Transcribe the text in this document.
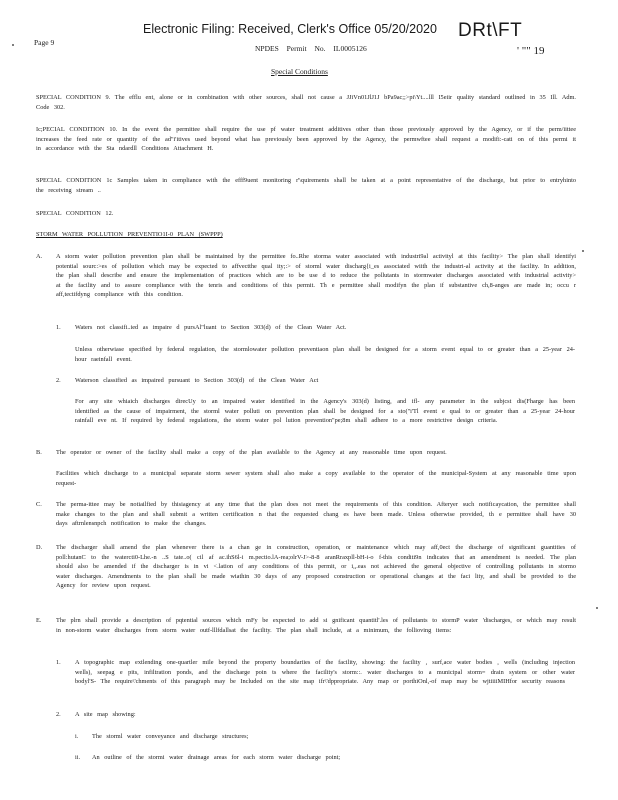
Electronic Filing: Received, Clerk's Office 05/20/2020 DRt\FT
Page 9
NPDES Permit No. IL0005126	' "" 19
Special Conditions

SPECIAL CONDITION 9. The efflu ent, alone or in combination with other sources, shall not cause a JJiVn01JlJ1J bPa9ac;;>pi\Yt....lll I5eiir quality standard outlined in 35 Ill. Adm. Code 302.

Ic;PECIAL CONDITION 10. In the event the permittee shall require the use pf water treatment additives other than those previously approved by the Agency, or if the perm/iittee increases the feed rate or quantity of the ad"i'itives used beyond what has previously been approved by the Agency, the permwftee shall request a modifi:-cati on of this permi it in accordance with the Sta ndardll Conditions Attachment H.

SPECIAL CONDITION 1c Samples taken in compliance with the efff9uent monitoring r'\quirements shall be taken at a point representative of the discharge, but prior to entryhinto the receiving stream ..

SPECIAL CONDITION 12.

STORM WATER POLLUTION PREVENTIO1I-0 PLAN (SWPPP)

A. A storm water pollution prevention plan shall be maintained by the permittee fo..Rhe storma water associated with industri9al activityl at this facility> The plan shall identifyi potential sourc:>es of pollution which may be expected to affvectthe qual ity;:> of storml water discharg{i_es associated wiith the industri-al activity at the facility. In addition, the plan shall describe and ensure the implementation of practices which are to be use d to reduce the pollutants in stormwater discharges associated with industrial activity> at the facility and to assure compliance with the tenris and conditions of this permit. Th e permittee shall modifyn the plan if substantive ch,8-anges are made in; occu r aff,tectifdyng compliance with this condition.

1. Waters not classifi..ied as impaire d pursAl"luant to Section 303(d) of the Clean Water Act.

Unless otherwiase specified by federal regulation, the stormlowater pollution preventiaon plan shall be designed for a storm event equal to or greater than a 25-year 24-hour raeinfall event.

2. Waterson classified as impaired pursuant to Section 303(d) of the Clean Water Act

For any site whiaich discharges direcUy to an impaired water identified in the Agency's 303(d) listing, and ifl- any parameter in the subjcst dis(Fharge has been identified as the cause of impairment, the storml water polluti on prevention plan shall be designed for a sto("i'Tl event e qual to or greater than a 25-year 24-hour rainfall eve nt. If required by federal regulations, the storm water pol lution prevention"pe;8m shall adhere to a more restrictive design criteria.

B. The operator or owner of the facility shall make a copy of the plan available to the Agency at any reasonable time upon request.

Facilities which discharge to a municipal separate storm sewer system shall also make a copy available to the operator of the municipal-System at any reasonable time upon request-

C. The perma-ittee may be notiailfied by thisiagency at any time that the plan does not meet the requirements of this condition. Afteryer such notificaycation, the permittee shall make changes to the plan and shall submit a written certification n that the requested chang es have been made. Unless otherwise provided, th e permittee shall have 30 days aftrnlensnpch notification to make the changes.

D. The discharger shall amend the plan whenever there is a chan ge in construction, operation, or maintenance which may aff,0ect the discharge of significant guantities of poll:hutanC to the watercti0-Lhe.-n ..S tate..o( cil af ac.ihS6l-i m.pectio.lA-rea;olrV-J>-8-8 aranRraxpll-bH-i-o f-this conditi9n indicates that an amendment is needed. The plan should also be amended if the discharger is in vi <.lation of any conditions of this permit, or i,,.eas not achieved the general objective of controlling pollutants in stormo water discharges. Amendments to the plan shall be made wiathin 30 days of any proposed construction or operational changes at the faci lity, and shall be provided to the Agency for review upon request.

E. The plrn shall provide a description of pqtential sources which mFy be expected to add si gnificant quantitl'.les of pollutants to stormP water 'discharges, or which may result in non-storm water discharges from storm water outf-lllfdallsat the facility. The plan shall include, at a minimum, the follioving items:

1. A topographic map extlending one-quartler mile beyond the property boundariies of the facility, showing: the facility , surf,ace water bodies , wells (including injection wells), seepag e pits, infiltration ponds, and the discharge poin ts where the facility's storm::. water discharges to a municipal storm= drain system or other water bodyl'S- The require\'chments of this paragraph may be Included on the site map ifr\'dppropriate. Any map or porthiOnl,-of map may be wjtiiiiMIHfor security reasons

2. A site map showing:

i. The storml water conveyance and discharge structures;

ii. An outline of the stormi water drainage areas for each storm water discharge point;
